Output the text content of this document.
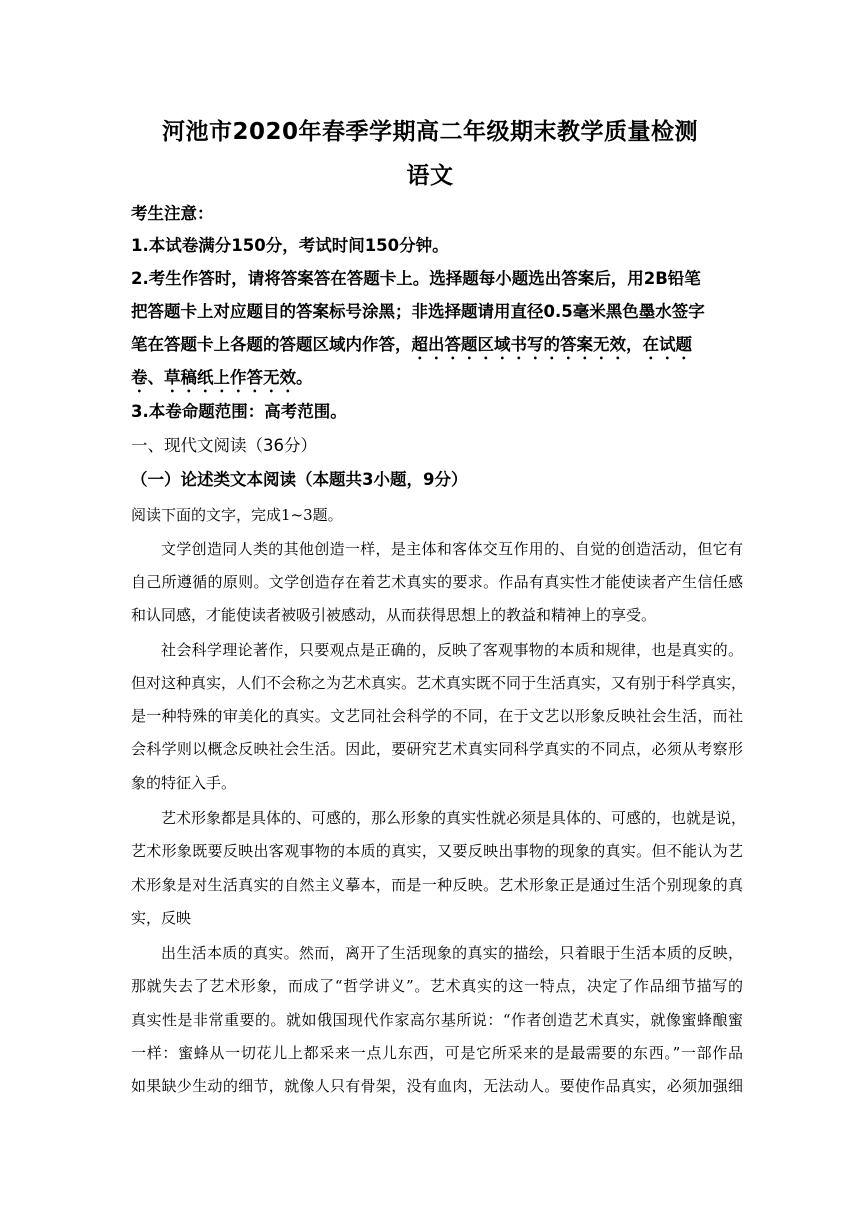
河池市2020年春季学期高二年级期末教学质量检测
语文
考生注意：
1.本试卷满分150分，考试时间150分钟。
2.考生作答时，请将答案答在答题卡上。选择题每小题选出答案后，用2B铅笔
把答题卡上对应题目的答案标号涂黑；非选择题请用直径0.5毫米黑色墨水签字
笔在答题卡上各题的答题区域内作答，超出答题区域书写的答案无效，在试题
卷、草稿纸上作答无效。
3.本卷命题范围：高考范围。
一、现代文阅读（36分）
（一）论述类文本阅读（本题共3小题，9分）
阅读下面的文字，完成1~3题。
文学创造同人类的其他创造一样，是主体和客体交互作用的、自觉的创造活动，但它有
自己所遵循的原则。文学创造存在着艺术真实的要求。作品有真实性才能使读者产生信任感
和认同感，才能使读者被吸引被感动，从而获得思想上的教益和精神上的享受。
社会科学理论著作，只要观点是正确的，反映了客观事物的本质和规律，也是真实的。
但对这种真实，人们不会称之为艺术真实。艺术真实既不同于生活真实，又有别于科学真实，
是一种特殊的审美化的真实。文艺同社会科学的不同，在于文艺以形象反映社会生活，而社
会科学则以概念反映社会生活。因此，要研究艺术真实同科学真实的不同点，必须从考察形
象的特征入手。
艺术形象都是具体的、可感的，那么形象的真实性就必须是具体的、可感的，也就是说，
艺术形象既要反映出客观事物的本质的真实，又要反映出事物的现象的真实。但不能认为艺
术形象是对生活真实的自然主义摹本，而是一种反映。艺术形象正是通过生活个别现象的真
实，反映
出生活本质的真实。然而，离开了生活现象的真实的描绘，只着眼于生活本质的反映，
那就失去了艺术形象，而成了“哲学讲义”。艺术真实的这一特点，决定了作品细节描写的
真实性是非常重要的。就如俄国现代作家高尔基所说：“作者创造艺术真实，就像蜜蜂酿蜜
一样：蜜蜂从一切花儿上都采来一点儿东西，可是它所采来的是最需要的东西。”一部作品
如果缺少生动的细节，就像人只有骨架，没有血肉，无法动人。要使作品真实，必须加强细
